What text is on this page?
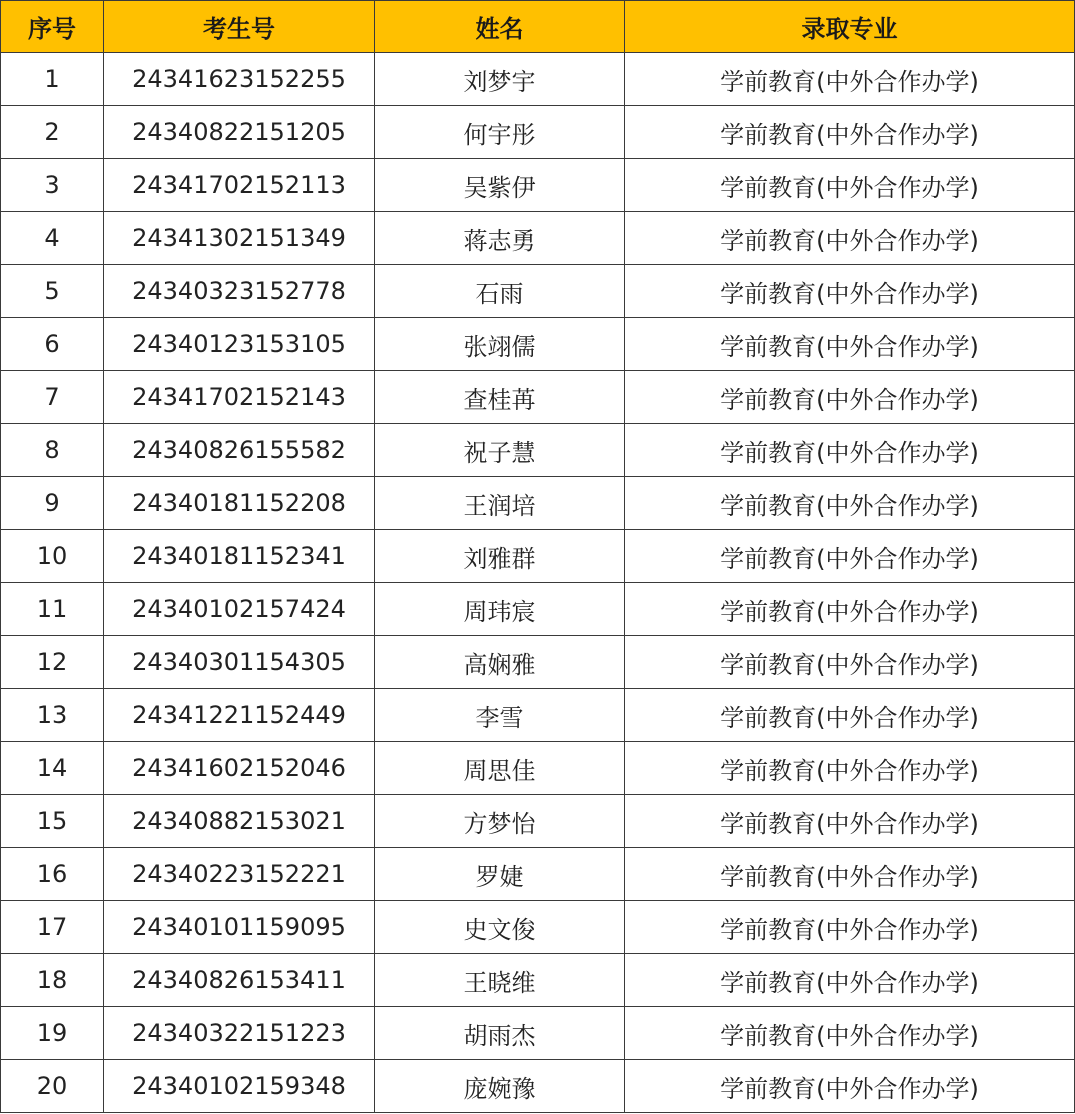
序号	考生号	姓名	录取专业
1	24341623152255	刘梦宇	学前教育(中外合作办学)
2	24340822151205	何宇彤	学前教育(中外合作办学)
3	24341702152113	吴紫伊	学前教育(中外合作办学)
4	24341302151349	蒋志勇	学前教育(中外合作办学)
5	24340323152778	石雨	学前教育(中外合作办学)
6	24340123153105	张翊儒	学前教育(中外合作办学)
7	24341702152143	查桂苒	学前教育(中外合作办学)
8	24340826155582	祝子慧	学前教育(中外合作办学)
9	24340181152208	王润培	学前教育(中外合作办学)
10	24340181152341	刘雅群	学前教育(中外合作办学)
11	24340102157424	周玮宸	学前教育(中外合作办学)
12	24340301154305	高娴雅	学前教育(中外合作办学)
13	24341221152449	李雪	学前教育(中外合作办学)
14	24341602152046	周思佳	学前教育(中外合作办学)
15	24340882153021	方梦怡	学前教育(中外合作办学)
16	24340223152221	罗婕	学前教育(中外合作办学)
17	24340101159095	史文俊	学前教育(中外合作办学)
18	24340826153411	王晓维	学前教育(中外合作办学)
19	24340322151223	胡雨杰	学前教育(中外合作办学)
20	24340102159348	庞婉豫	学前教育(中外合作办学)
